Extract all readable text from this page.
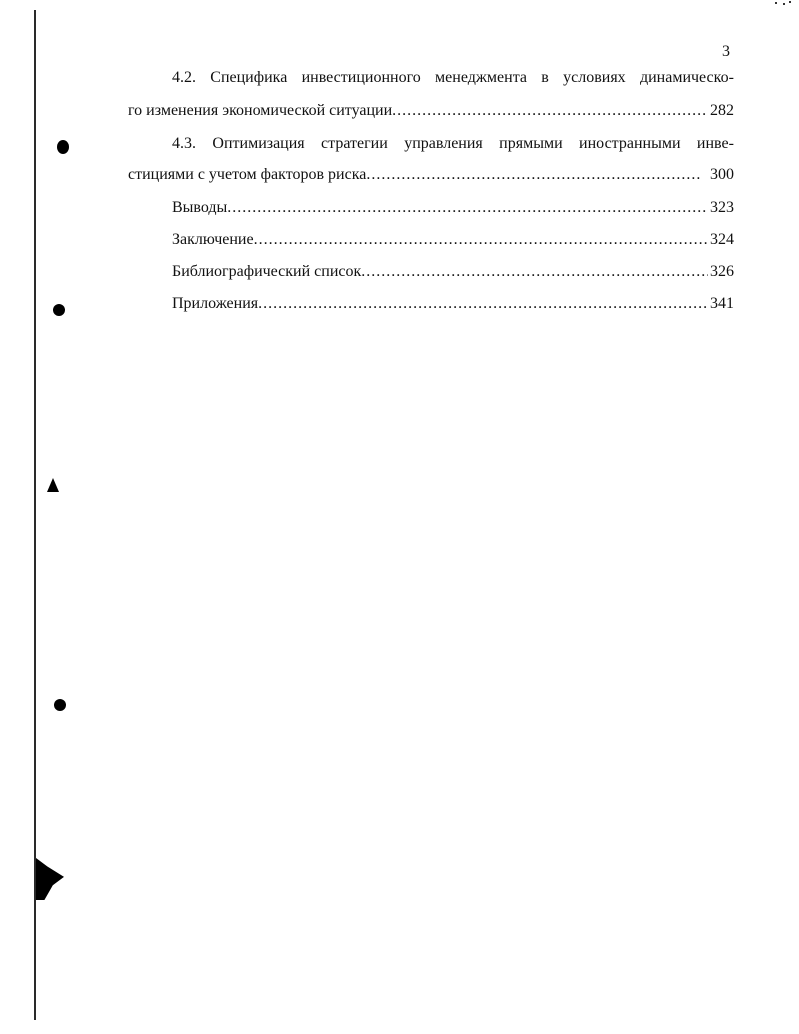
3
4.2. Специфика инвестиционного менеджмента в условиях динамическо-
го изменения экономической ситуации .....	282
4.3. Оптимизация стратегии управления прямыми иностранными инве-
стициями с учетом факторов риска .....	300
Выводы .....	323
Заключение .....	324
Библиографический список .....	326
Приложения .....	341
